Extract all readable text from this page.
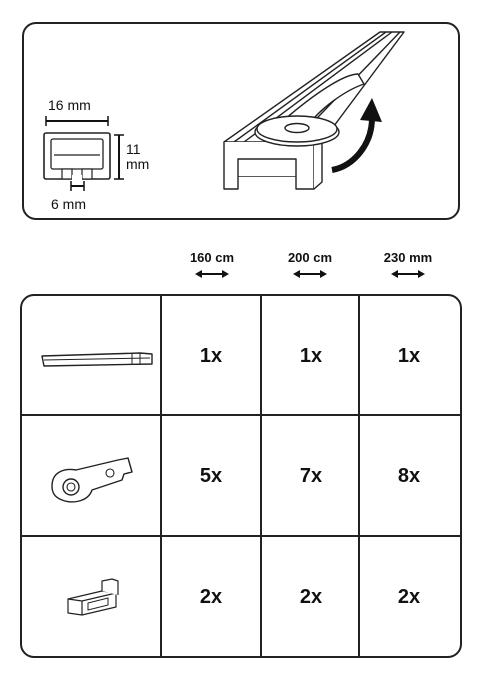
16 mm
11
mm
6 mm
160 cm	200 cm	230 mm
1x	1x	1x
5x	7x	8x
2x	2x	2x
